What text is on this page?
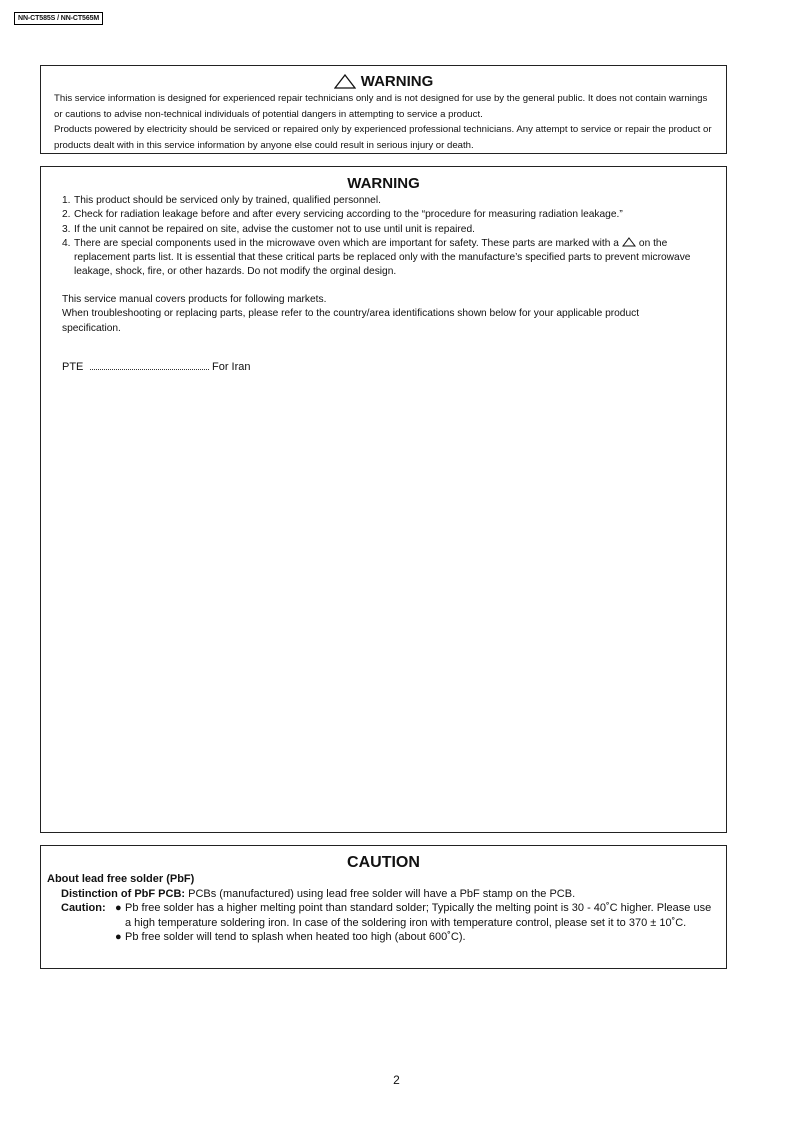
NN-CT585S / NN-CT565M
WARNING
This service information is designed for experienced repair technicians only and is not designed for use by the general public. It does not contain warnings or cautions to advise non-technical individuals of potential dangers in attempting to service a product.
Products powered by electricity should be serviced or repaired only by experienced professional technicians. Any attempt to service or repair the product or products dealt with in this service information by anyone else could result in serious injury or death.
WARNING
1. This product should be serviced only by trained, qualified personnel.
2. Check for radiation leakage before and after every servicing according to the “procedure for measuring radiation leakage.”
3. If the unit cannot be repaired on site, advise the customer not to use until unit is repaired.
4. There are special components used in the microwave oven which are important for safety. These parts are marked with a on the replacement parts list. It is essential that these critical parts be replaced only with the manufacture’s specified parts to prevent microwave leakage, shock, fire, or other hazards. Do not modify the orginal design.
This service manual covers products for following markets.
When troubleshooting or replacing parts, please refer to the country/area identifications shown below for your applicable product specification.
PTE	For Iran
CAUTION
About lead free solder (PbF)
Distinction of PbF PCB:
PCBs (manufactured) using lead free solder will have a PbF stamp on the PCB.
Caution: ● Pb free solder has a higher melting point than standard solder; Typically the melting point is 30 - 40˚C higher. Please use a high temperature soldering iron. In case of the soldering iron with temperature control, please set it to 370 ± 10˚C.
● Pb free solder will tend to splash when heated too high (about 600˚C).
2
